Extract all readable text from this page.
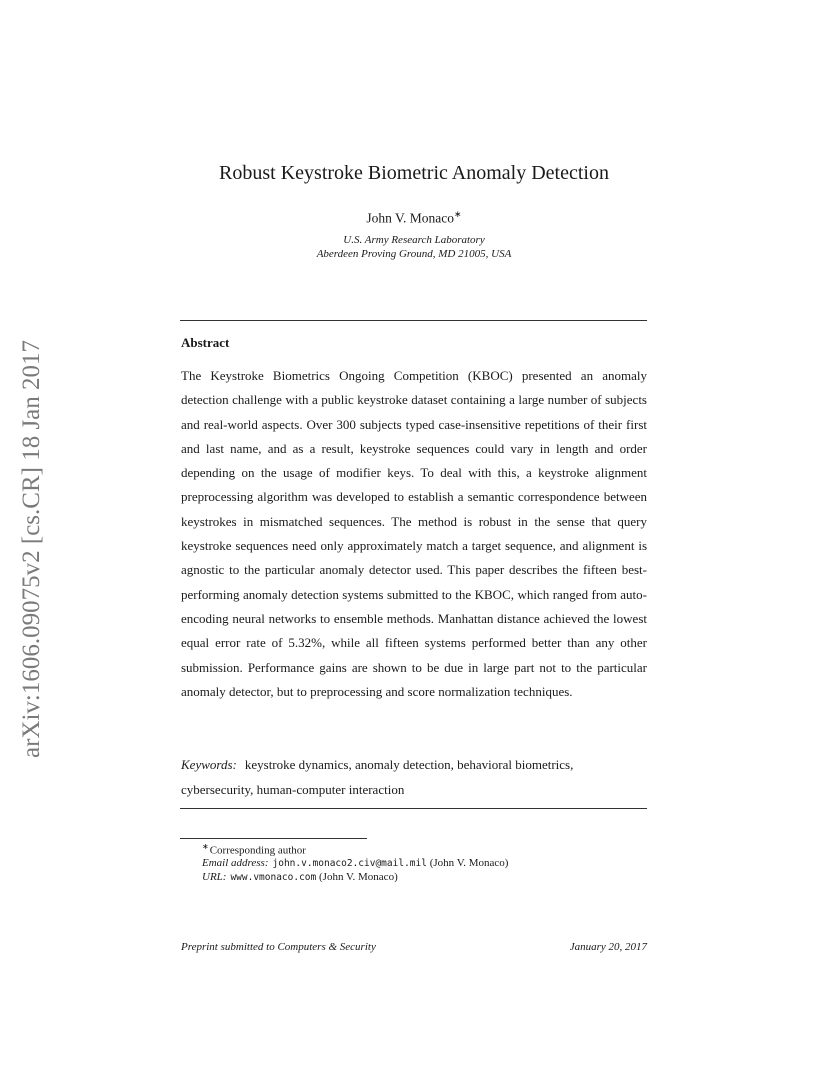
arXiv:1606.09075v2 [cs.CR] 18 Jan 2017
Robust Keystroke Biometric Anomaly Detection
John V. Monaco∗
U.S. Army Research Laboratory
Aberdeen Proving Ground, MD 21005, USA
Abstract
The Keystroke Biometrics Ongoing Competition (KBOC) presented an anomaly detection challenge with a public keystroke dataset containing a large number of subjects and real-world aspects. Over 300 subjects typed case-insensitive repetitions of their first and last name, and as a result, keystroke sequences could vary in length and order depending on the usage of modifier keys. To deal with this, a keystroke alignment preprocessing algorithm was developed to establish a semantic correspondence between keystrokes in mismatched sequences. The method is robust in the sense that query keystroke sequences need only approximately match a target sequence, and alignment is agnostic to the particular anomaly detector used. This paper describes the fifteen best-performing anomaly detection systems submitted to the KBOC, which ranged from auto-encoding neural networks to ensemble methods. Manhattan distance achieved the lowest equal error rate of 5.32%, while all fifteen systems performed better than any other submission. Performance gains are shown to be due in large part not to the particular anomaly detector, but to preprocessing and score normalization techniques.
Keywords: keystroke dynamics, anomaly detection, behavioral biometrics, cybersecurity, human-computer interaction
∗Corresponding author
Email address: john.v.monaco2.civ@mail.mil (John V. Monaco)
URL: www.vmonaco.com (John V. Monaco)
Preprint submitted to Computers & Security	January 20, 2017
